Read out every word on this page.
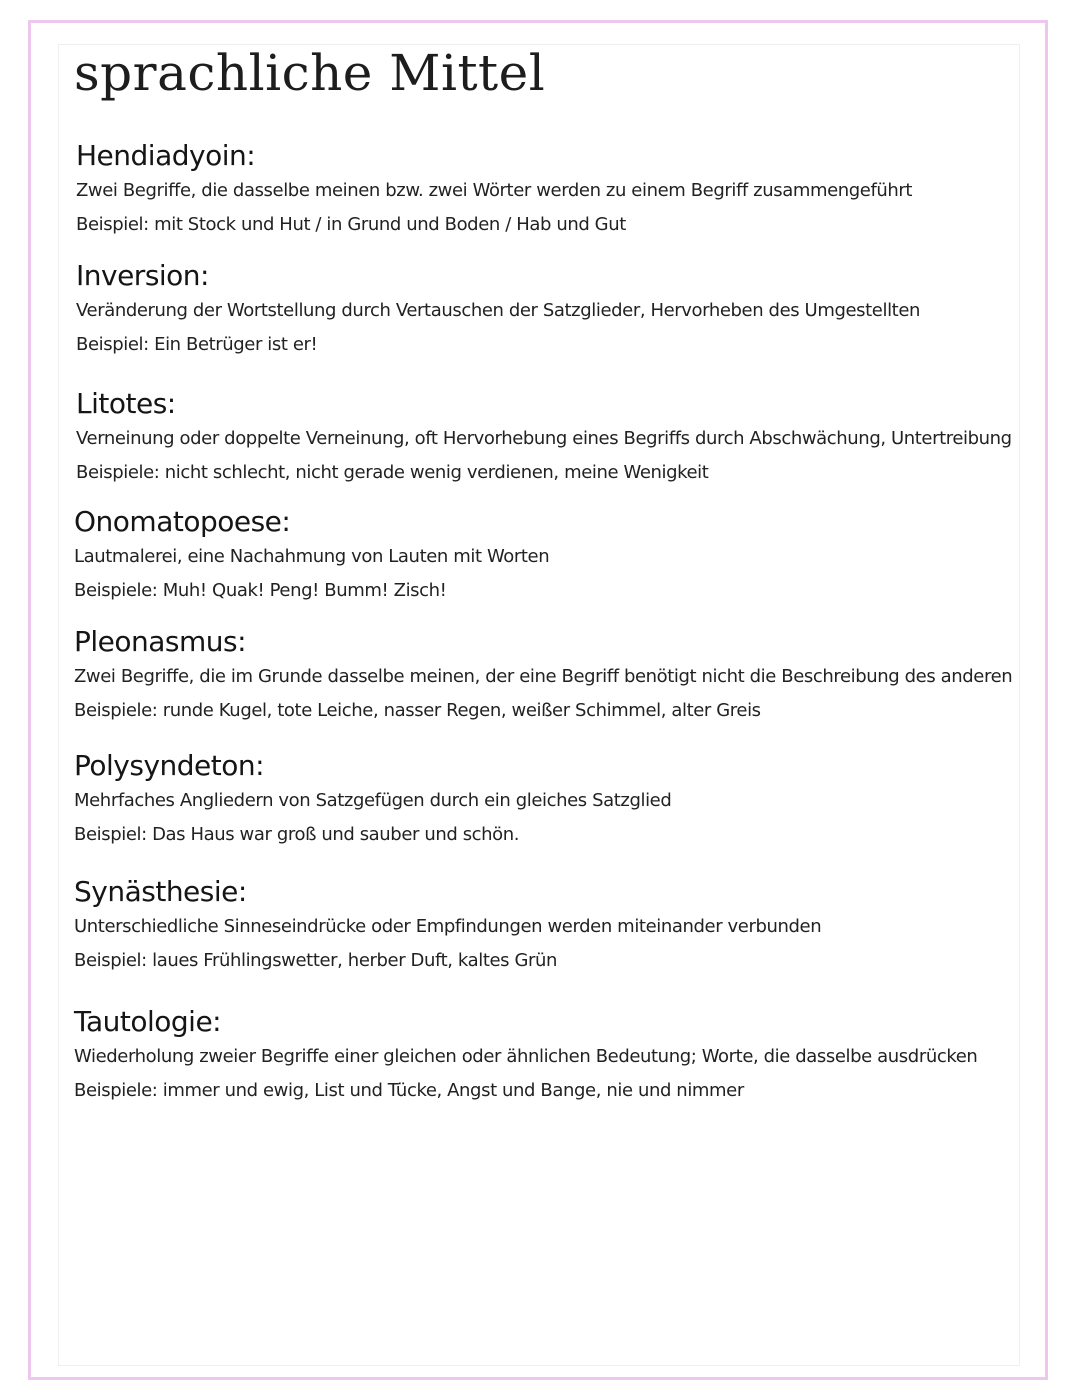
sprachliche Mittel
Hendiadyoin:
Zwei Begriffe, die dasselbe meinen bzw. zwei Wörter werden zu einem Begriff zusammengeführt
Beispiel: mit Stock und Hut / in Grund und Boden / Hab und Gut
Inversion:
Veränderung der Wortstellung durch Vertauschen der Satzglieder, Hervorheben des Umgestellten
Beispiel: Ein Betrüger ist er!
Litotes:
Verneinung oder doppelte Verneinung, oft Hervorhebung eines Begriffs durch Abschwächung, Untertreibung
Beispiele: nicht schlecht, nicht gerade wenig verdienen, meine Wenigkeit
Onomatopoese:
Lautmalerei, eine Nachahmung von Lauten mit Worten
Beispiele: Muh! Quak! Peng! Bumm! Zisch!
Pleonasmus:
Zwei Begriffe, die im Grunde dasselbe meinen, der eine Begriff benötigt nicht die Beschreibung des anderen
Beispiele: runde Kugel, tote Leiche, nasser Regen, weißer Schimmel, alter Greis
Polysyndeton:
Mehrfaches Angliedern von Satzgefügen durch ein gleiches Satzglied
Beispiel: Das Haus war groß und sauber und schön.
Synästhesie:
Unterschiedliche Sinneseindrücke oder Empfindungen werden miteinander verbunden
Beispiel: laues Frühlingswetter, herber Duft, kaltes Grün
Tautologie:
Wiederholung zweier Begriffe einer gleichen oder ähnlichen Bedeutung; Worte, die dasselbe ausdrücken
Beispiele: immer und ewig, List und Tücke, Angst und Bange, nie und nimmer
